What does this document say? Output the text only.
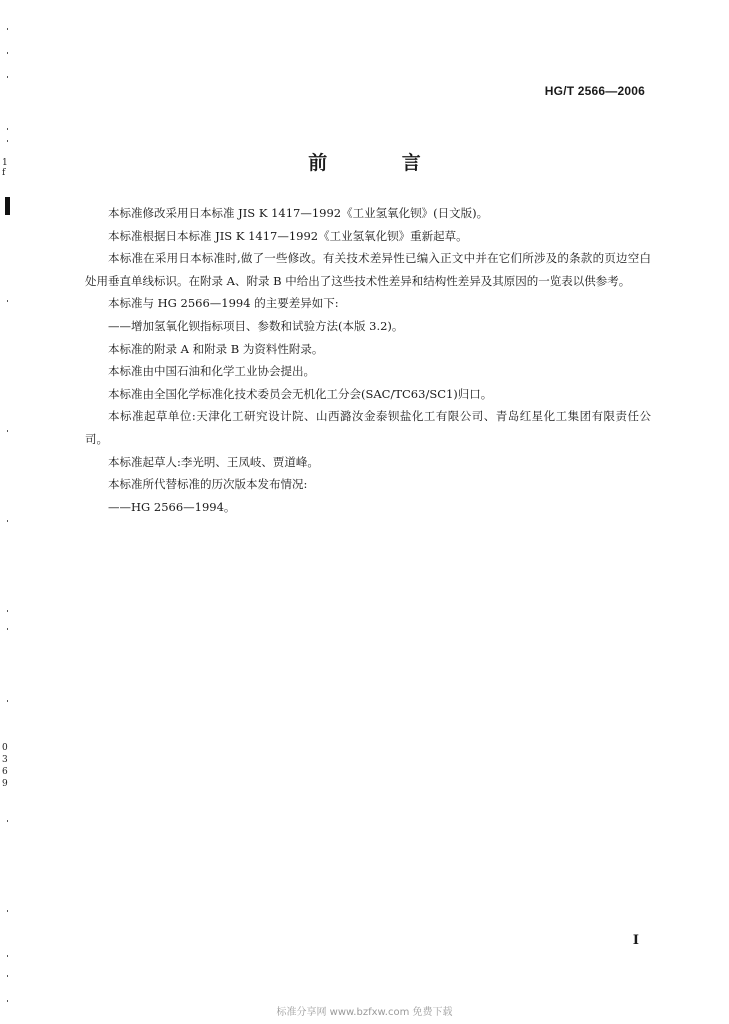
1
f
0
3
6
9
HG/T 2566—2006
前 言

本标准修改采用日本标准 JIS K 1417—1992《工业氢氧化钡》(日文版)。

本标准根据日本标准 JIS K 1417—1992《工业氢氧化钡》重新起草。

本标准在采用日本标准时,做了一些修改。有关技术差异性已编入正文中并在它们所涉及的条款的页边空白处用垂直单线标识。在附录 A、附录 B 中给出了这些技术性差异和结构性差异及其原因的一览表以供参考。

本标准与 HG 2566—1994 的主要差异如下:

——增加氢氧化钡指标项目、参数和试验方法(本版 3.2)。

本标准的附录 A 和附录 B 为资料性附录。

本标准由中国石油和化学工业协会提出。

本标准由全国化学标准化技术委员会无机化工分会(SAC/TC63/SC1)归口。

本标准起草单位:天津化工研究设计院、山西潞汝金泰钡盐化工有限公司、青岛红星化工集团有限责任公司。

本标准起草人:李光明、王凤岐、贾道峰。

本标准所代替标准的历次版本发布情况:

——HG 2566—1994。

I
标准分享网 www.bzfxw.com 免费下载
